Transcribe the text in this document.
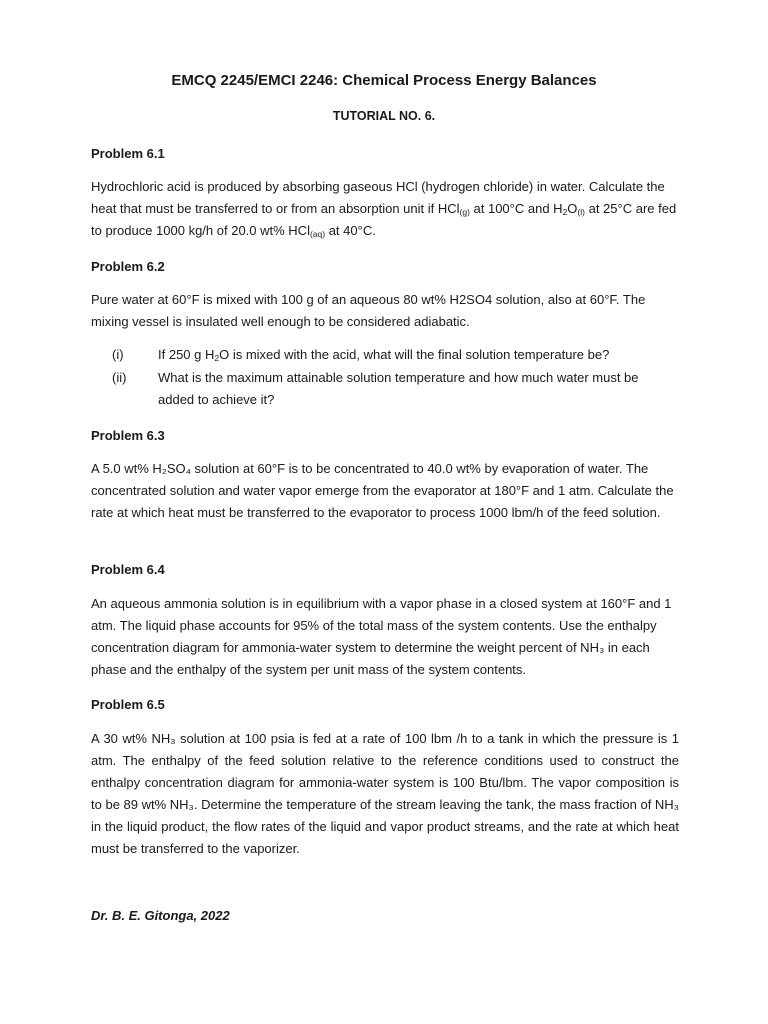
EMCQ 2245/EMCI 2246: Chemical Process Energy Balances
TUTORIAL NO. 6.
Problem 6.1
Hydrochloric acid is produced by absorbing gaseous HCl (hydrogen chloride) in water. Calculate the heat that must be transferred to or from an absorption unit if HCl$_{(g)}$ at 100°C and $H_2O_{(l)}$ at 25°C are fed to produce 1000 kg/h of 20.0 wt% HCl$_{(aq)}$ at 40°C.
Problem 6.2
Pure water at 60°F is mixed with 100 g of an aqueous 80 wt% H2SO4 solution, also at 60°F. The mixing vessel is insulated well enough to be considered adiabatic.
(i)	If 250 g $H_2O$ is mixed with the acid, what will the final solution temperature be?
(ii) What is the maximum attainable solution temperature and how much water must be added to achieve it?
Problem 6.3
A 5.0 wt% H₂SO₄ solution at 60°F is to be concentrated to 40.0 wt% by evaporation of water. The concentrated solution and water vapor emerge from the evaporator at 180°F and 1 atm. Calculate the rate at which heat must be transferred to the evaporator to process 1000 lbm/h of the feed solution.
Problem 6.4
An aqueous ammonia solution is in equilibrium with a vapor phase in a closed system at 160°F and 1 atm. The liquid phase accounts for 95% of the total mass of the system contents. Use the enthalpy concentration diagram for ammonia-water system to determine the weight percent of NH₃ in each phase and the enthalpy of the system per unit mass of the system contents.
Problem 6.5
A 30 wt% NH₃ solution at 100 psia is fed at a rate of 100 lbm /h to a tank in which the pressure is 1 atm. The enthalpy of the feed solution relative to the reference conditions used to construct the enthalpy concentration diagram for ammonia-water system is 100 Btu/lbm. The vapor composition is to be 89 wt% NH₃. Determine the temperature of the stream leaving the tank, the mass fraction of NH₃ in the liquid product, the flow rates of the liquid and vapor product streams, and the rate at which heat must be transferred to the vaporizer.
Dr. B. E. Gitonga, 2022
